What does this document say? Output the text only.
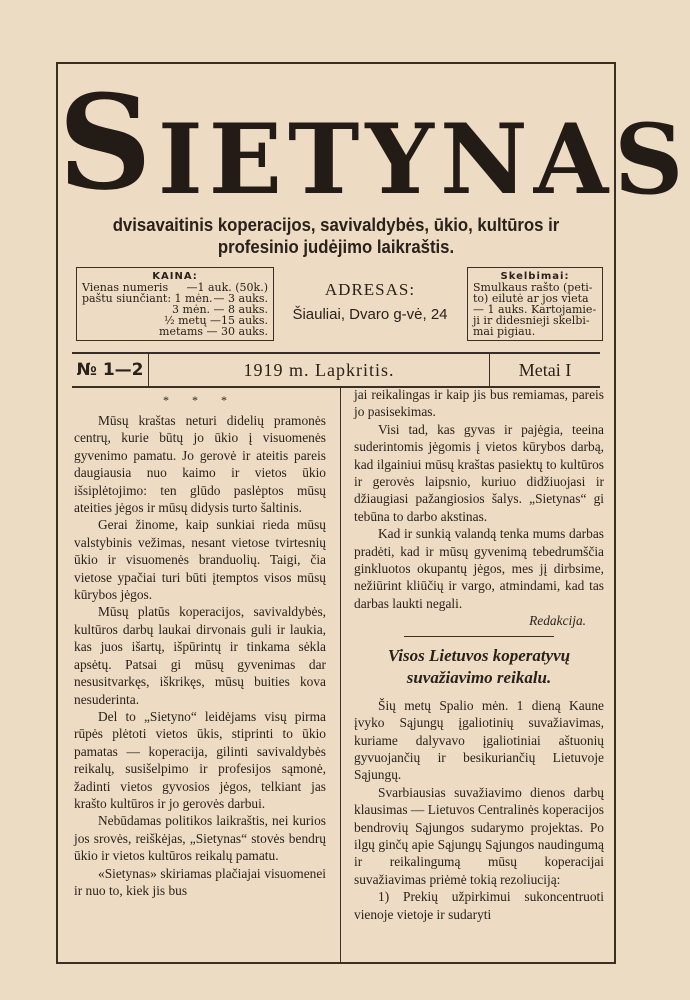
SIETYNAS
dvisavaitinis koperacijos, savivaldybės, ūkio, kultūros ir
profesinio judėjimo laikraštis.
KAINA:
Vienas numeris —1 auk. (50k.)
paštu siunčiant: 1 mėn. — 3 auks.
3 mėn.
— 8 auks.
½ metų
—15 auks.
metams
— 30 auks.
ADRESAS:
Šiauliai, Dvaro g-vė, 24
Skelbimai:
Smulkaus rašto (peti-
to) eilutė ar jos vieta
— 1 auks. Kartojamie-
ji ir didesnieji skelbi-
mai pigiau.
№ 1—2	1919 m. Lapkritis.	Metai I
* * *

Mūsų kraštas neturi didelių pramonės centrų, kurie būtų jo ūkio į visuomenės gyvenimo pamatu. Jo gerovė ir ateitis pareis daugiausia nuo kaimo ir vietos ūkio išsiplėtojimo: ten glūdo paslėptos mūsų ateities jėgos ir mūsų didysis turto šaltinis.

Gerai žinome, kaip sunkiai rieda mūsų valstybinis vežimas, nesant vietose tvirtesnių ūkio ir visuomenės branduolių. Taigi, čia vietose ypačiai turi būti įtemptos visos mūsų kūrybos jėgos.

Mūsų platūs koperacijos, savivaldybės, kultūros darbų laukai dirvonais guli ir laukia, kas juos išartų, išpūrintų ir tinkama sėkla apsėtų. Patsai gi mūsų gyvenimas dar nesusitvarkęs, iškrikęs, mūsų buities kova nesuderinta.

Del to „Sietyno“ leidėjams visų pirma rūpės plėtoti vietos ūkis, stiprinti to ūkio pamatas — koperacija, gilinti savivaldybės reikalų, susišelpimo ir profesijos sąmonė, žadinti vietos gyvosios jėgos, telkiant jas krašto kultūros ir jo gerovės darbui.

Nebūdamas politikos laikraštis, nei kurios jos srovės, reiškėjas, „Sietynas“ stovės bendrų ūkio ir vietos kultūros reikalų pamatu.

«Sietynas» skiriamas plačiajai visuomenei ir nuo to, kiek jis bus

jai reikalingas ir kaip jis bus remiamas, pareis jo pasisekimas.

Visi tad, kas gyvas ir pajėgia, teeina suderintomis jėgomis į vietos kūrybos darbą, kad ilgainiui mūsų kraštas pasiektų to kultūros ir gerovės laipsnio, kuriuo didžiuojasi ir džiaugiasi pažangiosios šalys. „Sietynas“ gi tebūna to darbo akstinas.

Kad ir sunkią valandą tenka mums darbas pradėti, kad ir mūsų gyvenimą tebedrumščia ginkluotos okupantų jėgos, mes jį dirbsime, nežiūrint kliūčių ir vargo, atmindami, kad tas darbas laukti negali.

Redakcija.
Visos Lietuvos koperatyvų
suvažiavimo reikalu.

Šių metų Spalio mėn. 1 dieną Kaune įvyko Sąjungų įgaliotinių suvažiavimas, kuriame dalyvavo įgaliotiniai aštuonių gyvuojančių ir besikuriančių Lietuvoje Sąjungų.

Svarbiausias suvažiavimo dienos darbų klausimas — Lietuvos Centralinės koperacijos bendrovių Sąjungos sudarymo projektas. Po ilgų ginčų apie Sąjungų Sąjungos naudingumą ir reikalingumą mūsų koperacijai suvažiavimas priėmė tokią rezoliuciją:

1) Prekių užpirkimui sukoncentruoti vienoje vietoje ir sudaryti
